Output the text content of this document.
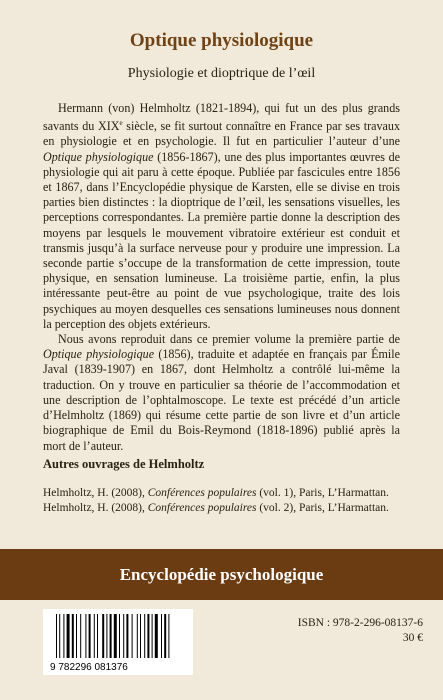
Optique physiologique
Physiologie et dioptrique de l’œil

Hermann (von) Helmholtz (1821-1894), qui fut un des plus grands savants du XIXe siècle, se fit surtout connaître en France par ses travaux en physiologie et en psychologie. Il fut en particulier l’auteur d’une Optique physiologique (1856-1867), une des plus importantes œuvres de physiologie qui ait paru à cette époque. Publiée par fascicules entre 1856 et 1867, dans l’Encyclopédie physique de Karsten, elle se divise en trois parties bien distinctes : la dioptrique de l’œil, les sensations visuelles, les perceptions correspondantes. La première partie donne la description des moyens par lesquels le mouvement vibratoire extérieur est conduit et transmis jusqu’à la surface nerveuse pour y produire une impression. La seconde partie s’occupe de la transformation de cette impression, toute physique, en sensation lumineuse. La troisième partie, enfin, la plus intéressante peut-être au point de vue psychologique, traite des lois psychiques au moyen desquelles ces sensations lumineuses nous donnent la perception des objets extérieurs.

Nous avons reproduit dans ce premier volume la première partie de Optique physiologique (1856), traduite et adaptée en français par Émile Javal (1839-1907) en 1867, dont Helmholtz a contrôlé lui-même la traduction. On y trouve en particulier sa théorie de l’accommodation et une description de l’ophtalmoscope. Le texte est précédé d’un article d’Helmholtz (1869) qui résume cette partie de son livre et d’un article biographique de Emil du Bois-Reymond (1818-1896) publié après la mort de l’auteur.

Autres ouvrages de Helmholtz
Helmholtz, H. (2008), Conférences populaires (vol. 1), Paris, L’Harmattan.
Helmholtz, H. (2008), Conférences populaires (vol. 2), Paris, L’Harmattan.
Encyclopédie psychologique
9 782296 081376
ISBN : 978-2-296-08137-6
30 €
